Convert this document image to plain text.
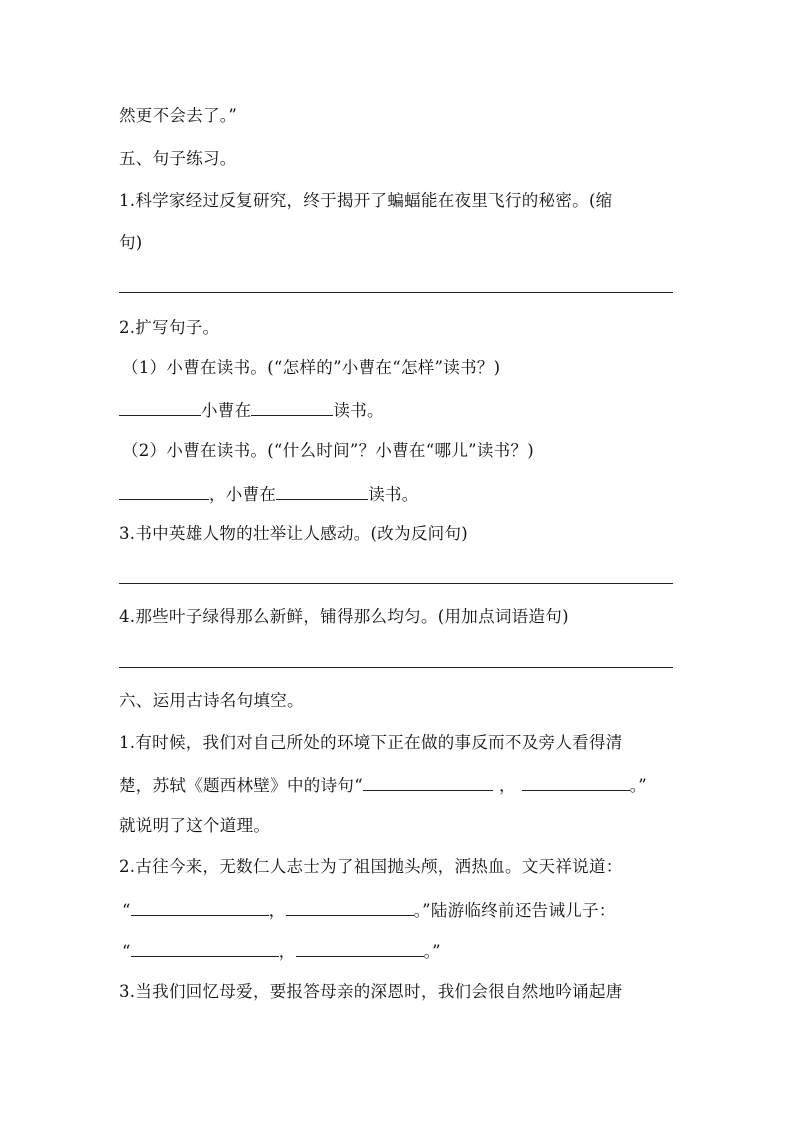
然更不会去了。”
五、句子练习。
1.科学家经过反复研究，终于揭开了蝙蝠能在夜里飞行的秘密。(缩
句)
2.扩写句子。
（1）小曹在读书。(“怎样的”小曹在“怎样”读书？)
小曹在	读书。
（2）小曹在读书。(“什么时间”？小曹在“哪儿”读书？)
，小曹在	读书。
3.书中英雄人物的壮举让人感动。(改为反问句)
4.那些叶子绿得那么新鲜，铺得那么均匀。(用加点词语造句)
六、运用古诗名句填空。
1.有时候，我们对自己所处的环境下正在做的事反而不及旁人看得清
楚，苏轼《题西林壁》中的诗句“	，	。”
就说明了这个道理。
2.古往今来，无数仁人志士为了祖国抛头颅，洒热血。文天祥说道：
“	，	。”陆游临终前还告诫儿子：
“	，	。”
3.当我们回忆母爱，要报答母亲的深恩时，我们会很自然地吟诵起唐
